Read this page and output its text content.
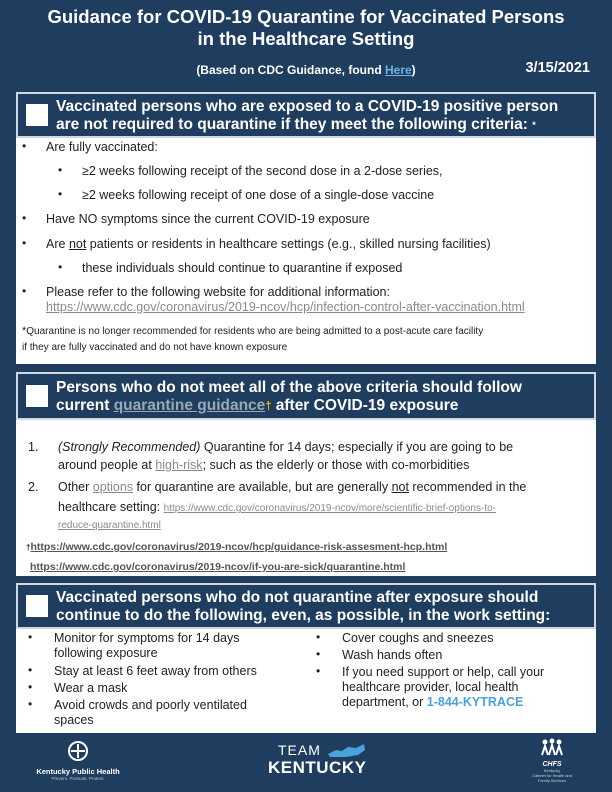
Guidance for COVID-19 Quarantine for Vaccinated Persons
in the Healthcare Setting
(Based on CDC Guidance, found Here)	3/15/2021
Vaccinated persons who are exposed to a COVID-19 positive person
are not required to quarantine if they meet the following criteria: *
• Are fully vaccinated:
• ≥2 weeks following receipt of the second dose in a 2-dose series,
• ≥2 weeks following receipt of one dose of a single-dose vaccine
• Have NO symptoms since the current COVID-19 exposure
• Are not patients or residents in healthcare settings (e.g., skilled nursing facilities)
• these individuals should continue to quarantine if exposed
• Please refer to the following website for additional information:
https://www.cdc.gov/coronavirus/2019-ncov/hcp/infection-control-after-vaccination.html
*Quarantine is no longer recommended for residents who are being admitted to a post-acute care facility
if they are fully vaccinated and do not have known exposure
Persons who do not meet all of the above criteria should follow
current quarantine guidance† after COVID-19 exposure
1. (Strongly Recommended) Quarantine for 14 days; especially if you are going to be
around people at high-risk; such as the elderly or those with co-morbidities
2. Other options for quarantine are available, but are generally not recommended in the
healthcare setting: https://www.cdc.gov/coronavirus/2019-ncov/more/scientific-brief-options-to-
reduce-quarantine.html
†https://www.cdc.gov/coronavirus/2019-ncov/hcp/guidance-risk-assesment-hcp.html
https://www.cdc.gov/coronavirus/2019-ncov/if-you-are-sick/quarantine.html
Vaccinated persons who do not quarantine after exposure should
continue to do the following, even, as possible, in the work setting:
• Monitor for symptoms for 14 days
following exposure
• Stay at least 6 feet away from others
• Wear a mask
• Avoid crowds and poorly ventilated
spaces
• Cover coughs and sneezes
• Wash hands often
• If you need support or help, call your
healthcare provider, local health
department, or 1-844-KYTRACE
Kentucky Public Health
Prevent. Promote. Protect.
TEAM
KENTUCKY	CHFS
Kentucky
Cabinet for Health and
Family Services
